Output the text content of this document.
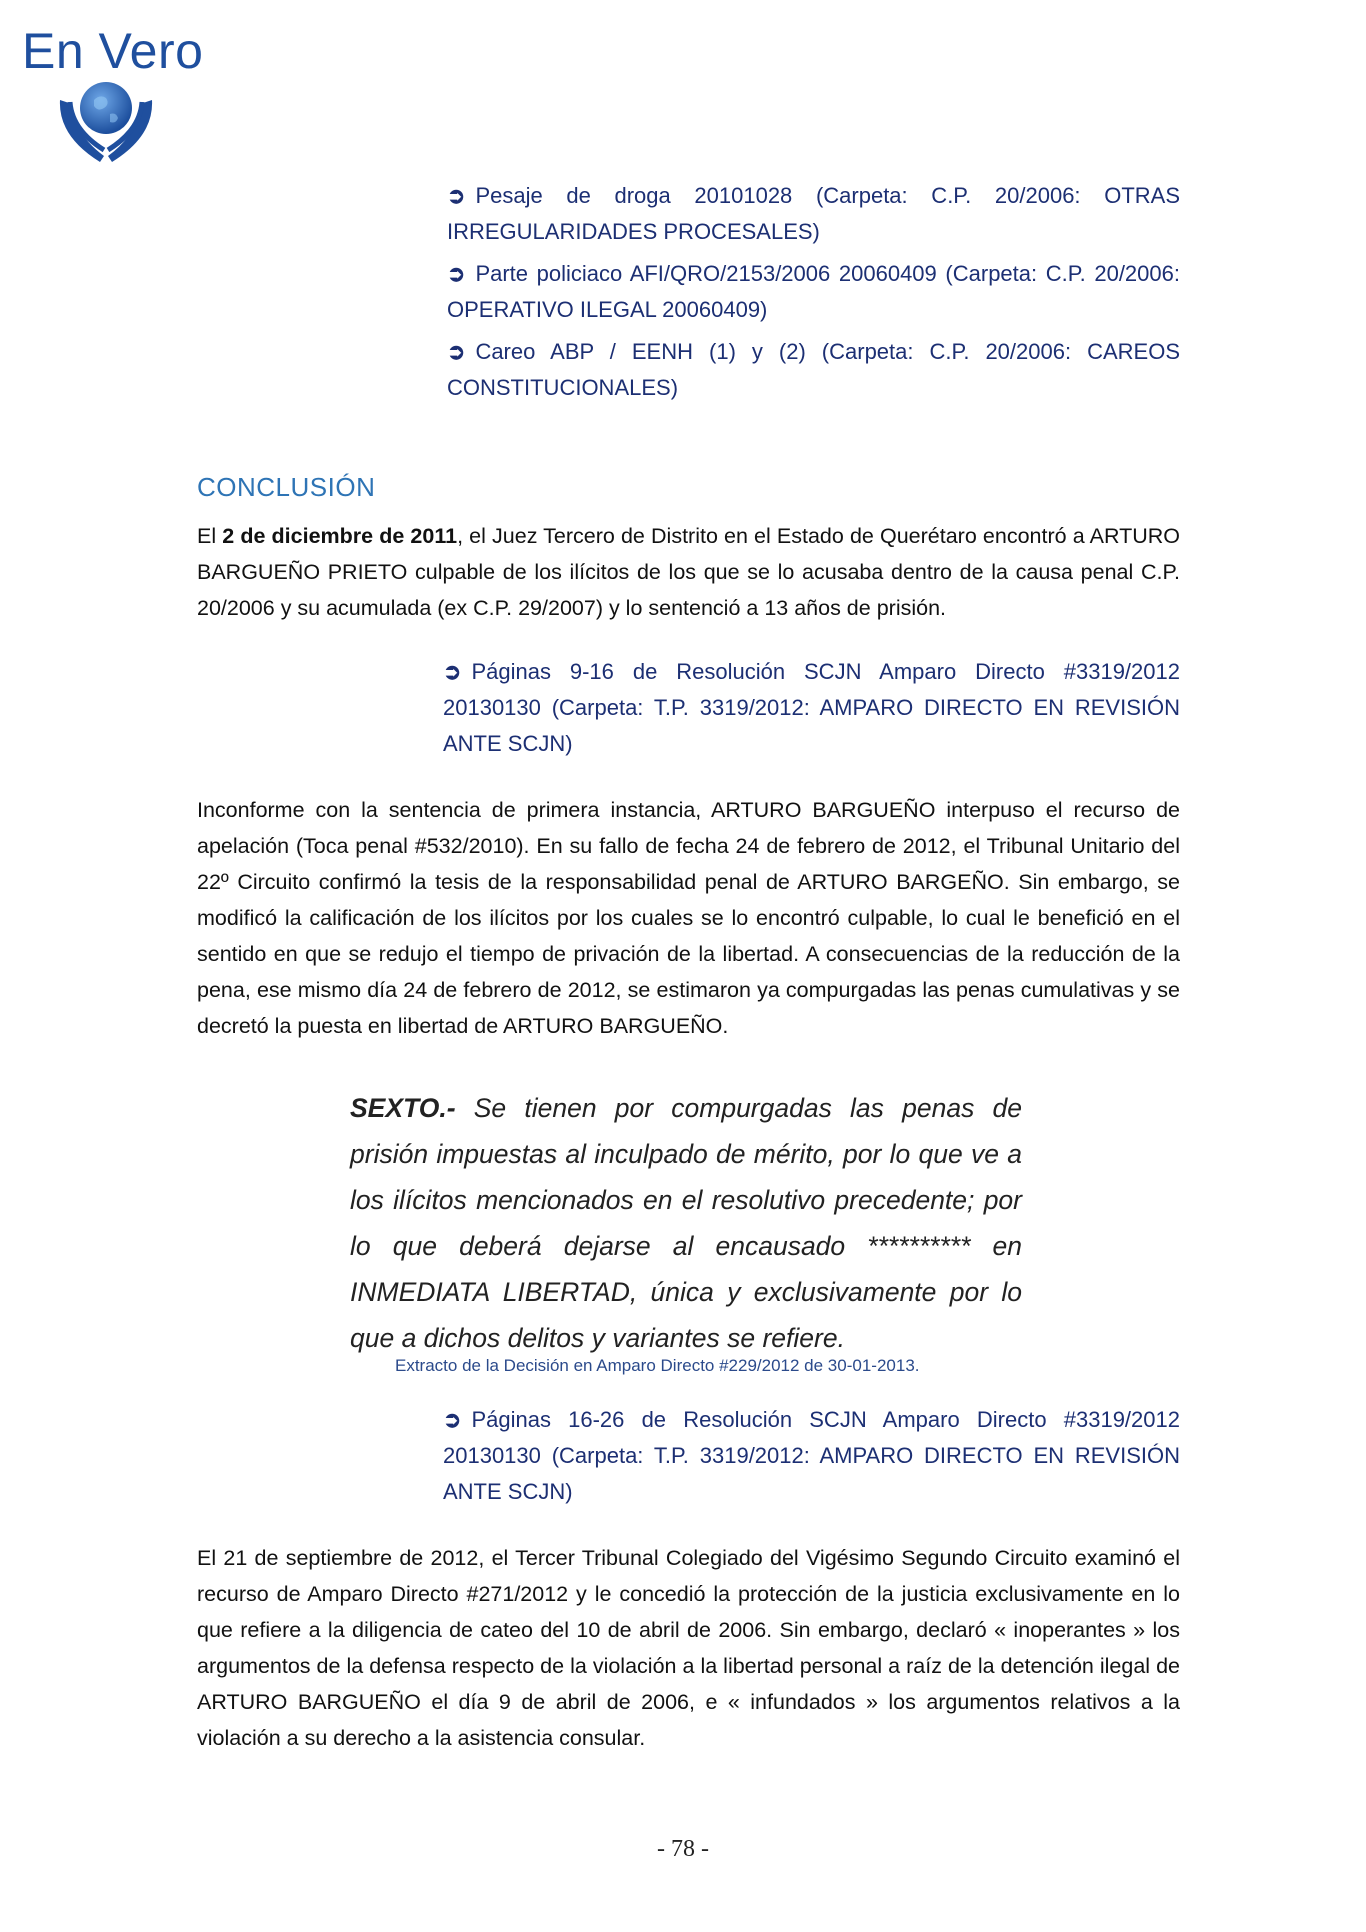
En Vero

➲ Pesaje de droga 20101028 (Carpeta: C.P. 20/2006: OTRAS IRREGULARIDADES PROCESALES)

➲ Parte policiaco AFI/QRO/2153/2006 20060409 (Carpeta: C.P. 20/2006: OPERATIVO ILEGAL 20060409)

➲ Careo ABP / EENH (1) y (2) (Carpeta: C.P. 20/2006: CAREOS CONSTITUCIONALES)

CONCLUSIÓN

El 2 de diciembre de 2011, el Juez Tercero de Distrito en el Estado de Querétaro encontró a ARTURO BARGUEÑO PRIETO culpable de los ilícitos de los que se lo acusaba dentro de la causa penal C.P. 20/2006 y su acumulada (ex C.P. 29/2007) y lo sentenció a 13 años de prisión.

➲ Páginas 9-16 de Resolución SCJN Amparo Directo #3319/2012 20130130 (Carpeta: T.P. 3319/2012: AMPARO DIRECTO EN REVISIÓN ANTE SCJN)

Inconforme con la sentencia de primera instancia, ARTURO BARGUEÑO interpuso el recurso de apelación (Toca penal #532/2010). En su fallo de fecha 24 de febrero de 2012, el Tribunal Unitario del 22º Circuito confirmó la tesis de la responsabilidad penal de ARTURO BARGEÑO. Sin embargo, se modificó la calificación de los ilícitos por los cuales se lo encontró culpable, lo cual le benefició en el sentido en que se redujo el tiempo de privación de la libertad. A consecuencias de la reducción de la pena, ese mismo día 24 de febrero de 2012, se estimaron ya compurgadas las penas cumulativas y se decretó la puesta en libertad de ARTURO BARGUEÑO.

SEXTO.- Se tienen por compurgadas las penas de prisión impuestas al inculpado de mérito, por lo que ve a los ilícitos mencionados en el resolutivo precedente; por lo que deberá dejarse al encausado ********** en INMEDIATA LIBERTAD, única y exclusivamente por lo que a dichos delitos y variantes se refiere.
Extracto de la Decisión en Amparo Directo #229/2012 de 30-01-2013.

➲ Páginas 16-26 de Resolución SCJN Amparo Directo #3319/2012 20130130 (Carpeta: T.P. 3319/2012: AMPARO DIRECTO EN REVISIÓN ANTE SCJN)

El 21 de septiembre de 2012, el Tercer Tribunal Colegiado del Vigésimo Segundo Circuito examinó el recurso de Amparo Directo #271/2012 y le concedió la protección de la justicia exclusivamente en lo que refiere a la diligencia de cateo del 10 de abril de 2006. Sin embargo, declaró « inoperantes » los argumentos de la defensa respecto de la violación a la libertad personal a raíz de la detención ilegal de ARTURO BARGUEÑO el día 9 de abril de 2006, e « infundados » los argumentos relativos a la violación a su derecho a la asistencia consular.

- 78 -
